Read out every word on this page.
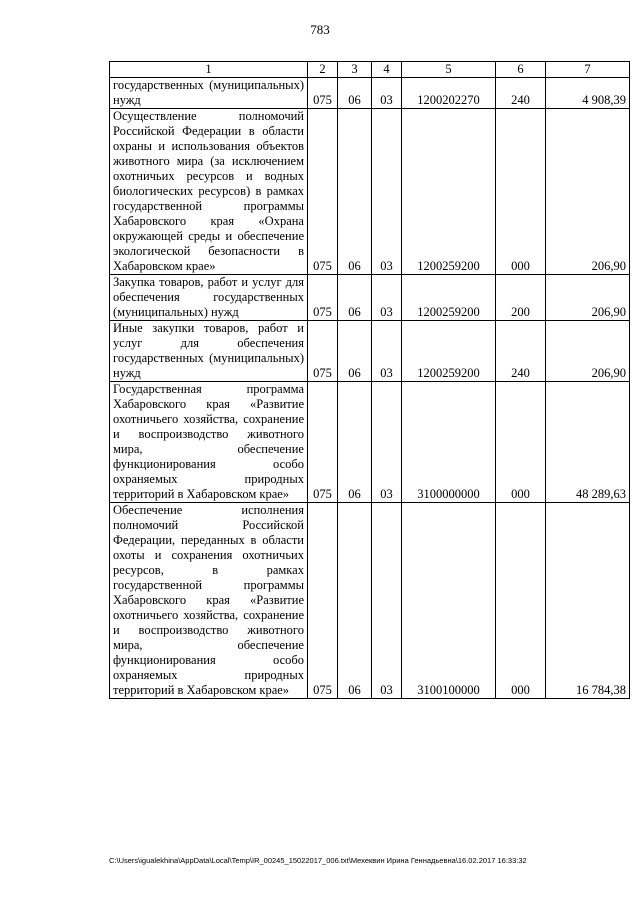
783
1	2	3	4	5	6	7
государственных (муниципальных) нужд	075	06	03	1200202270	240	4 908,39
Осуществление полномочий Российской Федерации в области охраны и использования объектов животного мира (за исключением охотничьих ресурсов и водных биологических ресурсов) в рамках государственной программы Хабаровского края «Охрана окружающей среды и обеспечение экологической безопасности в Хабаровском крае»	075	06	03	1200259200	000	206,90
Закупка товаров, работ и услуг для обеспечения государственных (муниципальных) нужд	075	06	03	1200259200	200	206,90
Иные закупки товаров, работ и услуг для обеспечения государственных (муниципальных) нужд	075	06	03	1200259200	240	206,90
Государственная программа Хабаровского края «Развитие охотничьего хозяйства, сохранение и воспроизводство животного мира, обеспечение функционирования особо охраняемых природных территорий в Хабаровском крае»	075	06	03	3100000000	000	48 289,63
Обеспечение исполнения полномочий Российской Федерации, переданных в области охоты и сохранения охотничьих ресурсов, в рамках государственной программы Хабаровского края «Развитие охотничьего хозяйства, сохранение и воспроизводство животного мира, обеспечение функционирования особо охраняемых природных территорий в Хабаровском крае»	075	06	03	3100100000	000	16 784,38
C:\Users\igualekhina\AppData\Local\Temp\IR_00245_15022017_006.txt\Мехеквин Ирина Геннадьевна\16.02.2017 16:33:32
